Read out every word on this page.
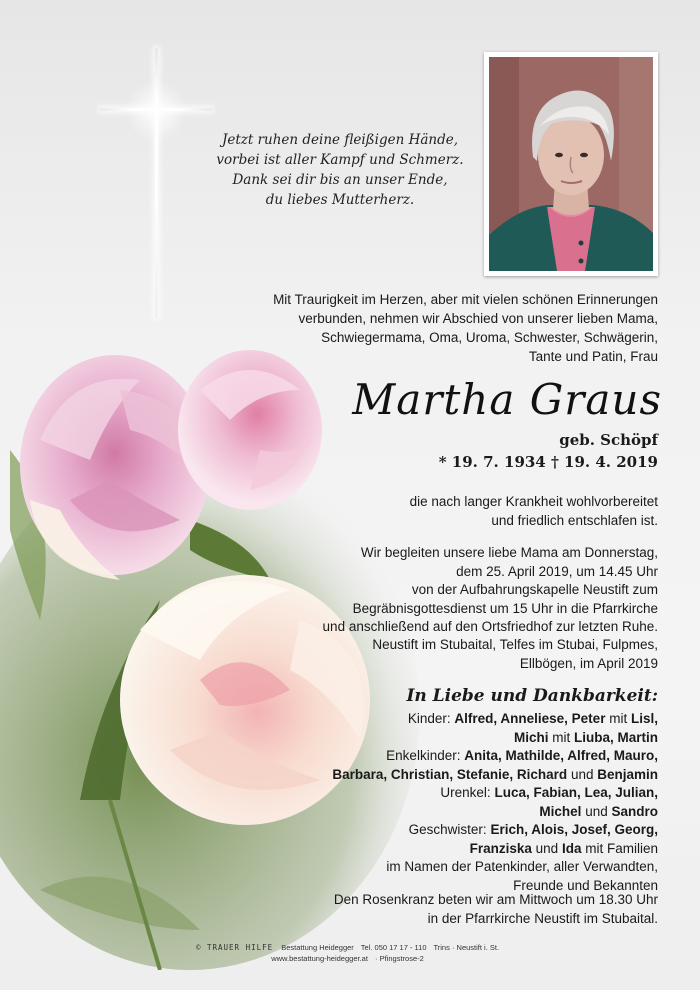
Jetzt ruhen deine fleißigen Hände,
vorbei ist aller Kampf und Schmerz.
Dank sei dir bis an unser Ende,
du liebes Mutterherz.
Mit Traurigkeit im Herzen, aber mit vielen schönen Erinnerungen
verbunden, nehmen wir Abschied von unserer lieben Mama,
Schwiegermama, Oma, Uroma, Schwester, Schwägerin,
Tante und Patin, Frau
Martha Graus
geb. Schöpf
* 19. 7. 1934 † 19. 4. 2019
die nach langer Krankheit wohlvorbereitet
und friedlich entschlafen ist.
Wir begleiten unsere liebe Mama am Donnerstag,
dem 25. April 2019, um 14.45 Uhr
von der Aufbahrungskapelle Neustift zum
Begräbnisgottesdienst um 15 Uhr in die Pfarrkirche
und anschließend auf den Ortsfriedhof zur letzten Ruhe.
Neustift im Stubaital, Telfes im Stubai, Fulpmes,
Ellbögen, im April 2019
In Liebe und Dankbarkeit:
Kinder: Alfred, Anneliese, Peter mit Lisl,
Michi mit Liuba, Martin
Enkelkinder: Anita, Mathilde, Alfred, Mauro,
Barbara, Christian, Stefanie, Richard und Benjamin
Urenkel: Luca, Fabian, Lea, Julian,
Michel und Sandro
Geschwister: Erich, Alois, Josef, Georg,
Franziska und Ida mit Familien
im Namen der Patenkinder, aller Verwandten,
Freunde und Bekannten
Den Rosenkranz beten wir am Mittwoch um 18.30 Uhr
in der Pfarrkirche Neustift im Stubaital.
© TRAUER HILFE Bestattung Heidegger Tel. 050 17 17 - 110 Trins · Neustift i. St.
www.bestattung-heidegger.at · Pfingstrose-2
